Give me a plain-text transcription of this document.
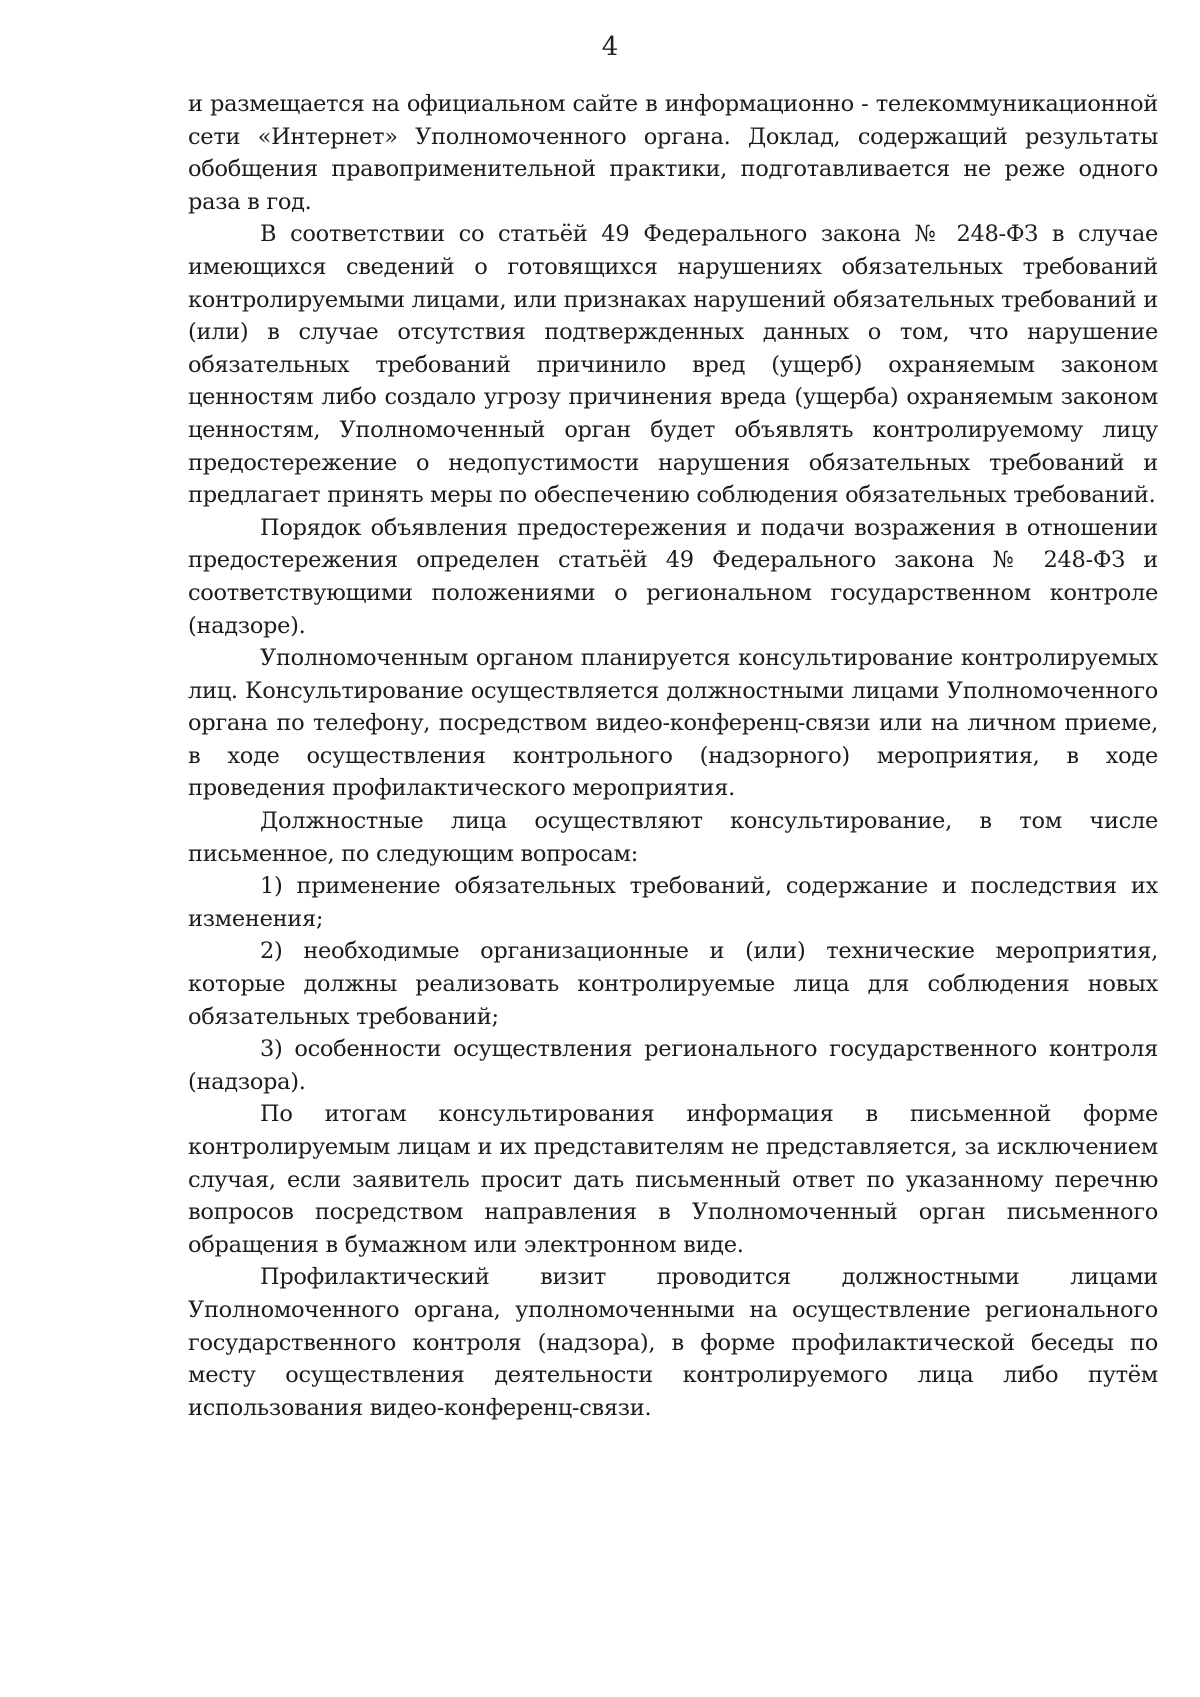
4

и размещается на официальном сайте в информационно - телекоммуникационной сети «Интернет» Уполномоченного органа. Доклад, содержащий результаты обобщения правоприменительной практики, подготавливается не реже одного раза в год.

В соответствии со статьёй 49 Федерального закона № 248-ФЗ в случае имеющихся сведений о готовящихся нарушениях обязательных требований контролируемыми лицами, или признаках нарушений обязательных требований и (или) в случае отсутствия подтвержденных данных о том, что нарушение обязательных требований причинило вред (ущерб) охраняемым законом ценностям либо создало угрозу причинения вреда (ущерба) охраняемым законом ценностям, Уполномоченный орган будет объявлять контролируемому лицу предостережение о недопустимости нарушения обязательных требований и предлагает принять меры по обеспечению соблюдения обязательных требований.

Порядок объявления предостережения и подачи возражения в отношении предостережения определен статьёй 49 Федерального закона № 248-ФЗ и соответствующими положениями о региональном государственном контроле (надзоре).

Уполномоченным органом планируется консультирование контролируемых лиц. Консультирование осуществляется должностными лицами Уполномоченного органа по телефону, посредством видео-конференц-связи или на личном приеме, в ходе осуществления контрольного (надзорного) мероприятия, в ходе проведения профилактического мероприятия.

Должностные лица осуществляют консультирование, в том числе письменное, по следующим вопросам:

1) применение обязательных требований, содержание и последствия их изменения;

2) необходимые организационные и (или) технические мероприятия, которые должны реализовать контролируемые лица для соблюдения новых обязательных требований;

3) особенности осуществления регионального государственного контроля (надзора).

По итогам консультирования информация в письменной форме контролируемым лицам и их представителям не представляется, за исключением случая, если заявитель просит дать письменный ответ по указанному перечню вопросов посредством направления в Уполномоченный орган письменного обращения в бумажном или электронном виде.

Профилактический визит проводится должностными лицами Уполномоченного органа, уполномоченными на осуществление регионального государственного контроля (надзора), в форме профилактической беседы по месту осуществления деятельности контролируемого лица либо путём использования видео-конференц-связи.
